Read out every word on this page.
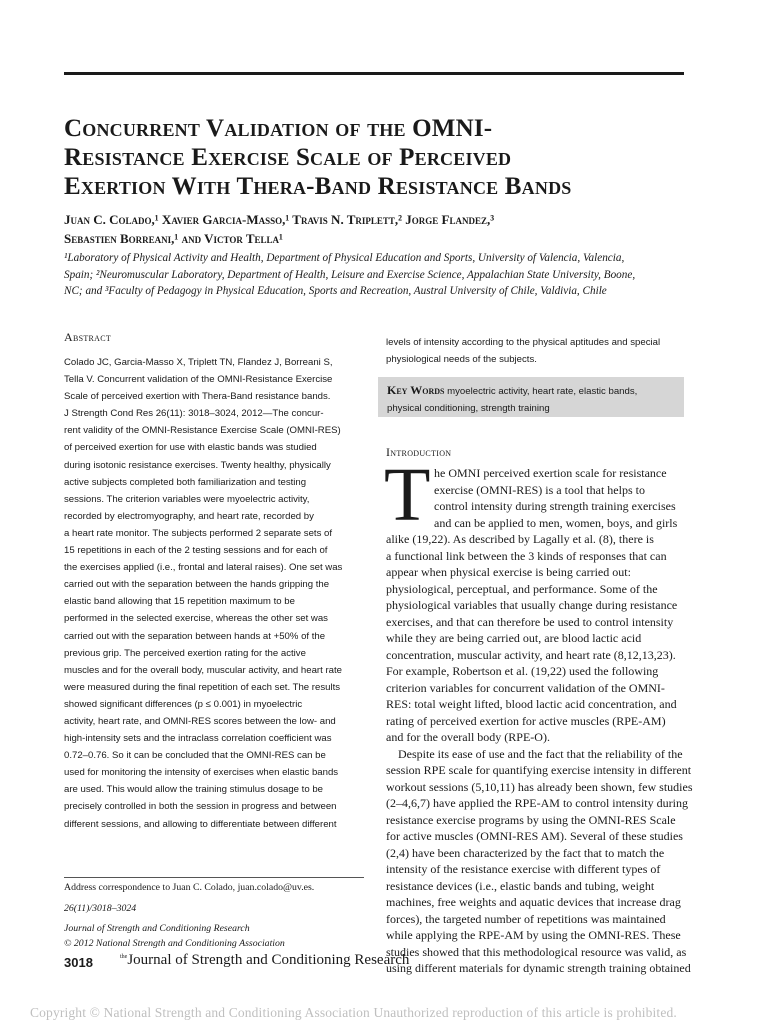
Concurrent Validation of the OMNI-
Resistance Exercise Scale of Perceived
Exertion With Thera-Band Resistance Bands
Juan C. Colado,¹ Xavier Garcia-Masso,¹ Travis N. Triplett,² Jorge Flandez,³
Sebastien Borreani,¹ and Victor Tella¹
¹Laboratory of Physical Activity and Health, Department of Physical Education and Sports, University of Valencia, Valencia,
Spain; ²Neuromuscular Laboratory, Department of Health, Leisure and Exercise Science, Appalachian State University, Boone,
NC; and ³Faculty of Pedagogy in Physical Education, Sports and Recreation, Austral University of Chile, Valdivia, Chile
Abstract
Colado JC, Garcia-Masso X, Triplett TN, Flandez J, Borreani S,
Tella V. Concurrent validation of the OMNI-Resistance Exercise
Scale of perceived exertion with Thera-Band resistance bands.
J Strength Cond Res 26(11): 3018–3024, 2012—The concur-
rent validity of the OMNI-Resistance Exercise Scale (OMNI-RES)
of perceived exertion for use with elastic bands was studied
during isotonic resistance exercises. Twenty healthy, physically
active subjects completed both familiarization and testing
sessions. The criterion variables were myoelectric activity,
recorded by electromyography, and heart rate, recorded by
a heart rate monitor. The subjects performed 2 separate sets of
15 repetitions in each of the 2 testing sessions and for each of
the exercises applied (i.e., frontal and lateral raises). One set was
carried out with the separation between the hands gripping the
elastic band allowing that 15 repetition maximum to be
performed in the selected exercise, whereas the other set was
carried out with the separation between hands at +50% of the
previous grip. The perceived exertion rating for the active
muscles and for the overall body, muscular activity, and heart rate
were measured during the final repetition of each set. The results
showed significant differences (p ≤ 0.001) in myoelectric
activity, heart rate, and OMNI-RES scores between the low- and
high-intensity sets and the intraclass correlation coefficient was
0.72–0.76. So it can be concluded that the OMNI-RES can be
used for monitoring the intensity of exercises when elastic bands
are used. This would allow the training stimulus dosage to be
precisely controlled in both the session in progress and between
different sessions, and allowing to differentiate between different
levels of intensity according to the physical aptitudes and special
physiological needs of the subjects.
Key Words myoelectric activity, heart rate, elastic bands,
physical conditioning, strength training
Introduction
T he OMNI perceived exertion scale for resistance
exercise (OMNI-RES) is a tool that helps to
control intensity during strength training exercises
and can be applied to men, women, boys, and girls
alike (19,22). As described by Lagally et al. (8), there is
a functional link between the 3 kinds of responses that can
appear when physical exercise is being carried out:
physiological, perceptual, and performance. Some of the
physiological variables that usually change during resistance
exercises, and that can therefore be used to control intensity
while they are being carried out, are blood lactic acid
concentration, muscular activity, and heart rate (8,12,13,23).
For example, Robertson et al. (19,22) used the following
criterion variables for concurrent validation of the OMNI-
RES: total weight lifted, blood lactic acid concentration, and
rating of perceived exertion for active muscles (RPE-AM)
and for the overall body (RPE-O).
Despite its ease of use and the fact that the reliability of the
session RPE scale for quantifying exercise intensity in different
workout sessions (5,10,11) has already been shown, few studies
(2–4,6,7) have applied the RPE-AM to control intensity during
resistance exercise programs by using the OMNI-RES Scale
for active muscles (OMNI-RES AM). Several of these studies
(2,4) have been characterized by the fact that to match the
intensity of the resistance exercise with different types of
resistance devices (i.e., elastic bands and tubing, weight
machines, free weights and aquatic devices that increase drag
forces), the targeted number of repetitions was maintained
while applying the RPE-AM by using the OMNI-RES. These
studies showed that this methodological resource was valid, as
using different materials for dynamic strength training obtained
Address correspondence to Juan C. Colado, juan.colado@uv.es.
26(11)/3018–3024
Journal of Strength and Conditioning Research
© 2012 National Strength and Conditioning Association
3018	$^{the}$Journal of Strength and Conditioning Research
Copyright © National Strength and Conditioning Association Unauthorized reproduction of this article is prohibited.
